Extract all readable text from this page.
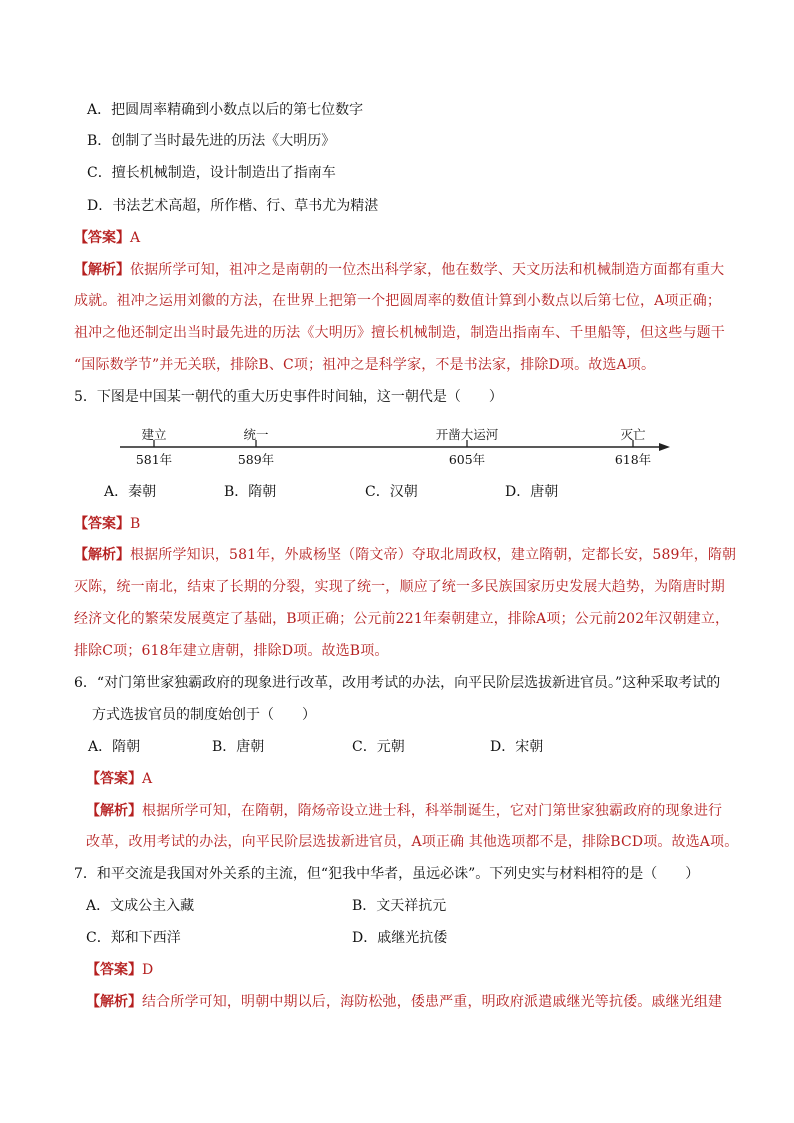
A．把圆周率精确到小数点以后的第七位数字
B．创制了当时最先进的历法《大明历》
C．擅长机械制造，设计制造出了指南车
D．书法艺术高超，所作楷、行、草书尤为精湛
【答案】A
【解析】依据所学可知，祖冲之是南朝的一位杰出科学家，他在数学、天文历法和机械制造方面都有重大
成就。祖冲之运用刘徽的方法，在世界上把第一个把圆周率的数值计算到小数点以后第七位，A项正确；
祖冲之他还制定出当时最先进的历法《大明历》擅长机械制造，制造出指南车、千里船等，但这些与题干
“国际数学节”并无关联，排除B、C项；祖冲之是科学家，不是书法家，排除D项。故选A项。
5．下图是中国某一朝代的重大历史事件时间轴，这一朝代是（　　）
建立
581年
统一
589年
开凿大运河
605年
灭亡
618年
A．秦朝	B．隋朝	C．汉朝	D．唐朝
【答案】B
【解析】根据所学知识，581年，外戚杨坚（隋文帝）夺取北周政权，建立隋朝，定都长安，589年，隋朝
灭陈，统一南北，结束了长期的分裂，实现了统一，顺应了统一多民族国家历史发展大趋势，为隋唐时期
经济文化的繁荣发展奠定了基础，B项正确；公元前221年秦朝建立，排除A项；公元前202年汉朝建立，
排除C项；618年建立唐朝，排除D项。故选B项。
6．“对门第世家独霸政府的现象进行改革，改用考试的办法，向平民阶层选拔新进官员。”这种采取考试的
方式选拔官员的制度始创于（　　）
A．隋朝	B．唐朝	C．元朝	D．宋朝
【答案】A
【解析】根据所学可知，在隋朝，隋炀帝设立进士科，科举制诞生，它对门第世家独霸政府的现象进行
改革，改用考试的办法，向平民阶层选拔新进官员，A项正确 其他选项都不是，排除BCD项。故选A项。
7．和平交流是我国对外关系的主流，但“犯我中华者，虽远必诛”。下列史实与材料相符的是（　　）
A．文成公主入藏	B．文天祥抗元
C．郑和下西洋	D．戚继光抗倭
【答案】D
【解析】结合所学可知，明朝中期以后，海防松弛，倭患严重，明政府派遣戚继光等抗倭。戚继光组建
